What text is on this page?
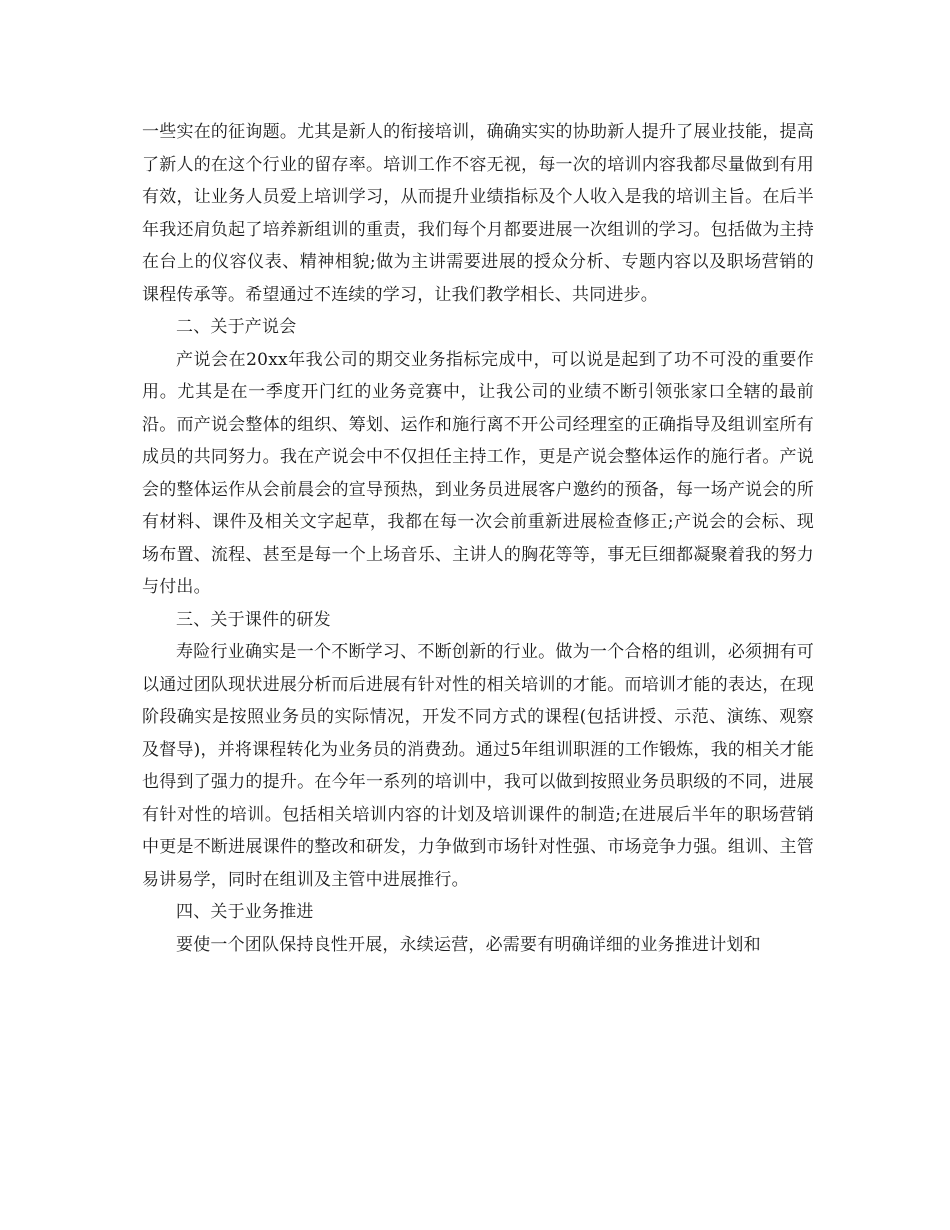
一些实在的征询题。尤其是新人的衔接培训，确确实实的协助新人提升了展业技能，提高了新人的在这个行业的留存率。培训工作不容无视，每一次的培训内容我都尽量做到有用有效，让业务人员爱上培训学习，从而提升业绩指标及个人收入是我的培训主旨。在后半年我还肩负起了培养新组训的重责，我们每个月都要进展一次组训的学习。包括做为主持在台上的仪容仪表、精神相貌;做为主讲需要进展的授众分析、专题内容以及职场营销的课程传承等。希望通过不连续的学习，让我们教学相长、共同进步。

二、关于产说会

产说会在20xx年我公司的期交业务指标完成中，可以说是起到了功不可没的重要作用。尤其是在一季度开门红的业务竞赛中，让我公司的业绩不断引领张家口全辖的最前沿。而产说会整体的组织、筹划、运作和施行离不开公司经理室的正确指导及组训室所有成员的共同努力。我在产说会中不仅担任主持工作，更是产说会整体运作的施行者。产说会的整体运作从会前晨会的宣导预热，到业务员进展客户邀约的预备，每一场产说会的所有材料、课件及相关文字起草，我都在每一次会前重新进展检查修正;产说会的会标、现场布置、流程、甚至是每一个上场音乐、主讲人的胸花等等，事无巨细都凝聚着我的努力与付出。

三、关于课件的研发

寿险行业确实是一个不断学习、不断创新的行业。做为一个合格的组训，必须拥有可以通过团队现状进展分析而后进展有针对性的相关培训的才能。而培训才能的表达，在现阶段确实是按照业务员的实际情况，开发不同方式的课程(包括讲授、示范、演练、观察及督导)，并将课程转化为业务员的消费劲。通过5年组训职涯的工作锻炼，我的相关才能也得到了强力的提升。在今年一系列的培训中，我可以做到按照业务员职级的不同，进展有针对性的培训。包括相关培训内容的计划及培训课件的制造;在进展后半年的职场营销中更是不断进展课件的整改和研发，力争做到市场针对性强、市场竞争力强。组训、主管易讲易学，同时在组训及主管中进展推行。

四、关于业务推进

要使一个团队保持良性开展，永续运营，必需要有明确详细的业务推进计划和
